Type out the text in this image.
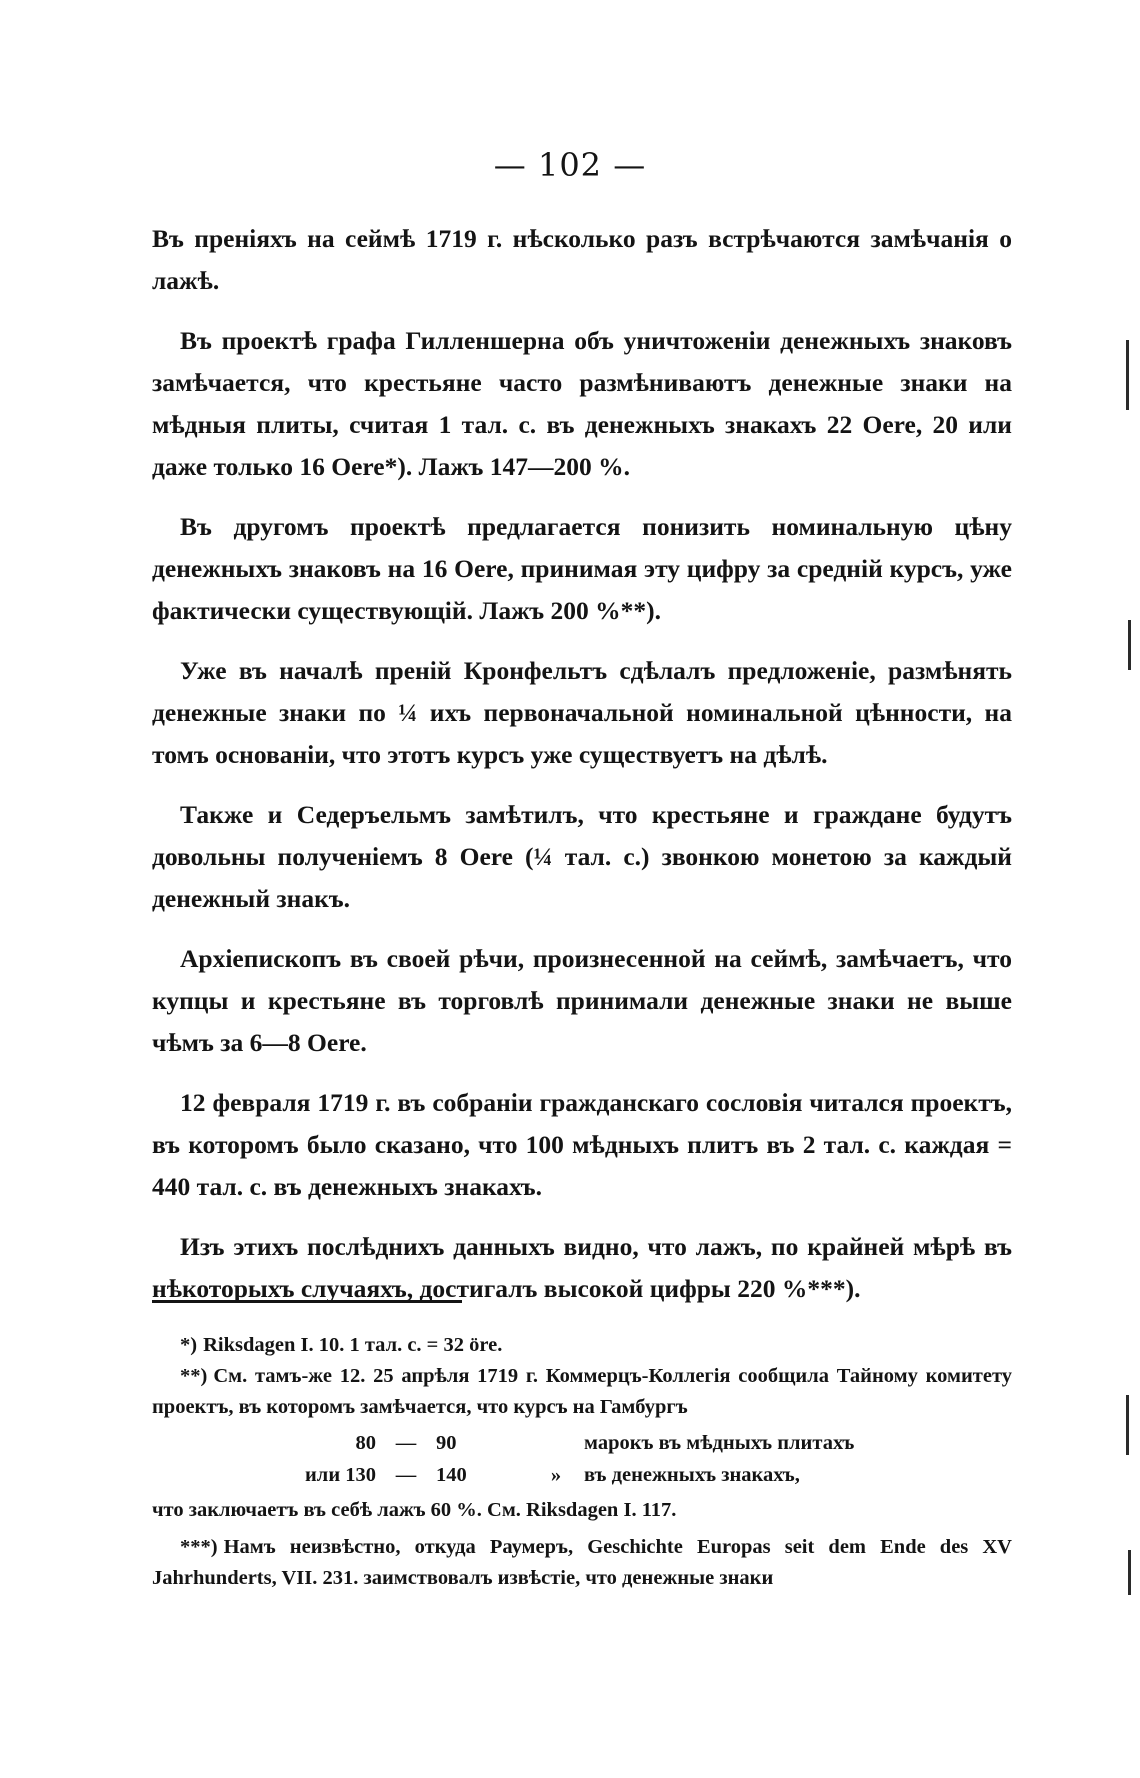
— 102 —

Въ преніяхъ на сеймѣ 1719 г. нѣсколько разъ встрѣчаются замѣчанія о лажѣ.

Въ проектѣ графа Гилленшерна объ уничтоженіи денежныхъ знаковъ замѣчается, что крестьяне часто размѣниваютъ денежные знаки на мѣдныя плиты, считая 1 тал. с. въ денежныхъ знакахъ 22 Oere, 20 или даже только 16 Oere*). Лажъ 147—200 %.

Въ другомъ проектѣ предлагается понизить номинальную цѣну денежныхъ знаковъ на 16 Oere, принимая эту цифру за среднiй курсъ, уже фактически существующiй. Лажъ 200 %**).

Уже въ началѣ преній Кронфельтъ сдѣлалъ предложеніе, размѣнять денежные знаки по ¼ ихъ первоначальной номинальной цѣнности, на томъ основаніи, что этотъ курсъ уже существуетъ на дѣлѣ.

Также и Седеръельмъ замѣтилъ, что крестьяне и граждане будутъ довольны полученіемъ 8 Oere (¼ тал. с.) звонкою монетою за каждый денежный знакъ.

Архіепископъ въ своей рѣчи, произнесенной на сеймѣ, замѣчаетъ, что купцы и крестьяне въ торговлѣ принимали денежные знаки не выше чѣмъ за 6—8 Oere.

12 февраля 1719 г. въ собраніи гражданскаго сословія читался проектъ, въ которомъ было сказано, что 100 мѣдныхъ плитъ въ 2 тал. с. каждая = 440 тал. с. въ денежныхъ знакахъ.

Изъ этихъ послѣднихъ данныхъ видно, что лажъ, по крайней мѣрѣ въ нѣкоторыхъ случаяхъ, достигалъ высокой цифры 220 %***).

*) Riksdagen I. 10. 1 тал. с. = 32 öre.

**) См. тамъ-же 12. 25 апрѣля 1719 г. Коммерцъ-Коллегія сообщила Тайному комитету проектъ, въ которомъ замѣчается, что курсъ на Гамбургъ

80 — 90	марокъ въ мѣдныхъ плитахъ
или 130 — 140	»	въ денежныхъ знакахъ,

что заключаетъ въ себѣ лажъ 60 %. См. Riksdagen I. 117.

***) Намъ неизвѣстно, откуда Раумеръ, Geschichte Europas seit dem Ende des XV Jahrhunderts, VII. 231. заимствовалъ извѣстіе, что денежные знаки
